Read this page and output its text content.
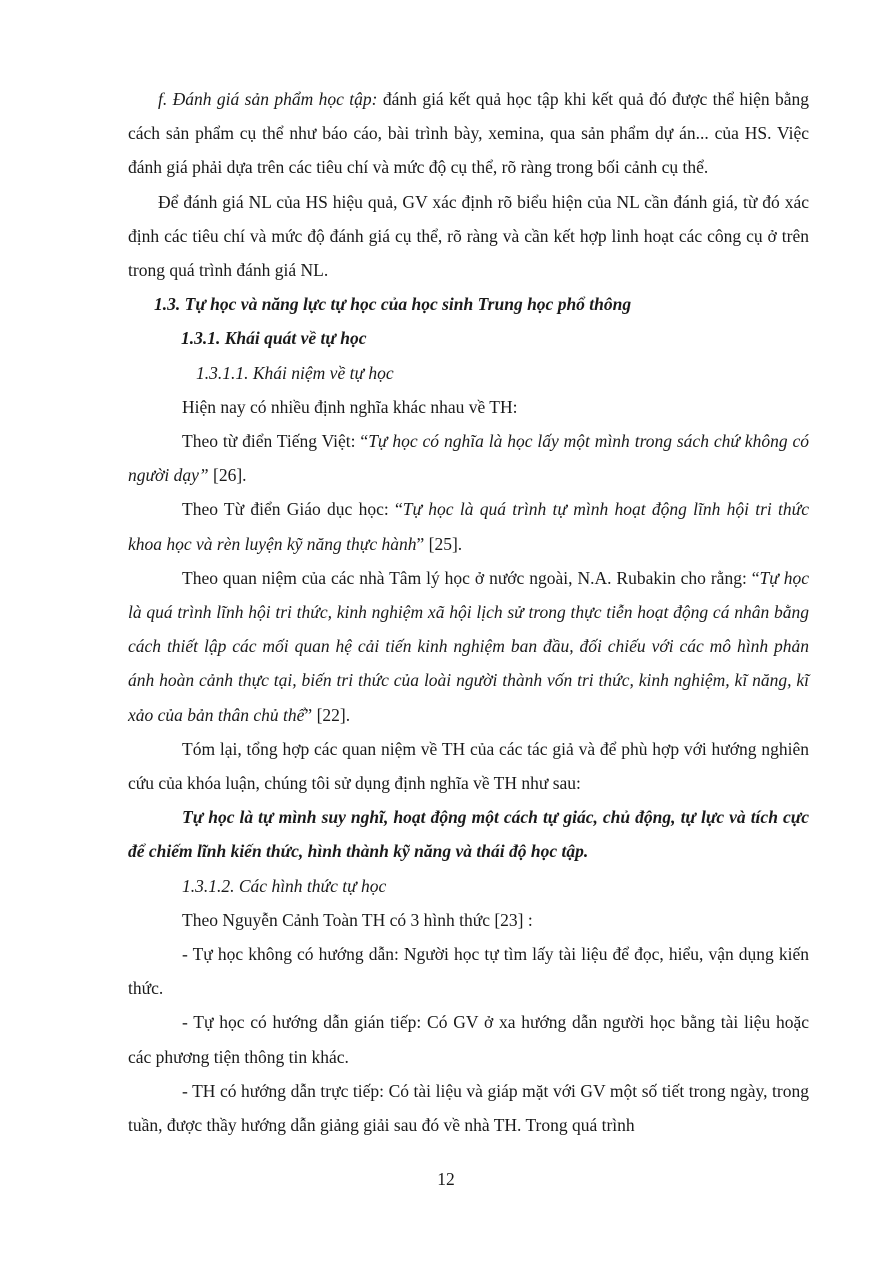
f. Đánh giá sản phẩm học tập: đánh giá kết quả học tập khi kết quả đó được thể hiện bằng cách sản phẩm cụ thể như báo cáo, bài trình bày, xemina, qua sản phẩm dự án... của HS. Việc đánh giá phải dựa trên các tiêu chí và mức độ cụ thể, rõ ràng trong bối cảnh cụ thể.

Để đánh giá NL của HS hiệu quả, GV xác định rõ biểu hiện của NL cần đánh giá, từ đó xác định các tiêu chí và mức độ đánh giá cụ thể, rõ ràng và cần kết hợp linh hoạt các công cụ ở trên trong quá trình đánh giá NL.

1.3. Tự học và năng lực tự học của học sinh Trung học phổ thông

1.3.1. Khái quát về tự học

1.3.1.1. Khái niệm về tự học

Hiện nay có nhiều định nghĩa khác nhau về TH:

Theo từ điển Tiếng Việt: “Tự học có nghĩa là học lấy một mình trong sách chứ không có người dạy” [26].

Theo Từ điển Giáo dục học: “Tự học là quá trình tự mình hoạt động lĩnh hội tri thức khoa học và rèn luyện kỹ năng thực hành” [25].

Theo quan niệm của các nhà Tâm lý học ở nước ngoài, N.A. Rubakin cho rằng: “Tự học là quá trình lĩnh hội tri thức, kinh nghiệm xã hội lịch sử trong thực tiễn hoạt động cá nhân bằng cách thiết lập các mối quan hệ cải tiến kinh nghiệm ban đầu, đối chiếu với các mô hình phản ánh hoàn cảnh thực tại, biến tri thức của loài người thành vốn tri thức, kinh nghiệm, kĩ năng, kĩ xảo của bản thân chủ thể” [22].

Tóm lại, tổng hợp các quan niệm về TH của các tác giả và để phù hợp với hướng nghiên cứu của khóa luận, chúng tôi sử dụng định nghĩa về TH như sau:

Tự học là tự mình suy nghĩ, hoạt động một cách tự giác, chủ động, tự lực và tích cực để chiếm lĩnh kiến thức, hình thành kỹ năng và thái độ học tập.

1.3.1.2. Các hình thức tự học

Theo Nguyễn Cảnh Toàn TH có 3 hình thức [23] :

- Tự học không có hướng dẫn: Người học tự tìm lấy tài liệu để đọc, hiểu, vận dụng kiến thức.

- Tự học có hướng dẫn gián tiếp: Có GV ở xa hướng dẫn người học bằng tài liệu hoặc các phương tiện thông tin khác.

- TH có hướng dẫn trực tiếp: Có tài liệu và giáp mặt với GV một số tiết trong ngày, trong tuần, được thầy hướng dẫn giảng giải sau đó về nhà TH. Trong quá trình

12
